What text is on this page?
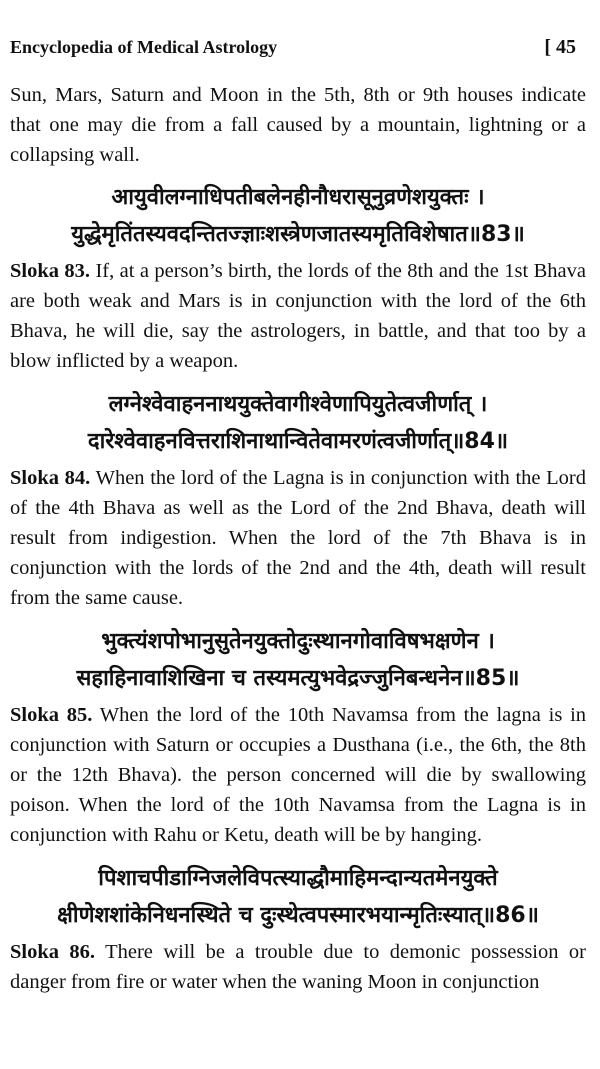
Encyclopedia of Medical Astrology	[ 45

Sun, Mars, Saturn and Moon in the 5th, 8th or 9th houses indicate that one may die from a fall caused by a mountain, lightning or a collapsing wall.

आयुवीलग्नाधिपतीबलेनहीनौधरासूनुव्रणेशयुक्तः ।

युद्धेमृतिंतस्यवदन्तितज्ज्ञाःशस्त्रेणजातस्यमृतिविशेषात॥83॥

Sloka 83. If, at a person’s birth, the lords of the 8th and the 1st Bhava are both weak and Mars is in conjunction with the lord of the 6th Bhava, he will die, say the astrologers, in battle, and that too by a blow inflicted by a weapon.

लग्नेश्वेवाहननाथयुक्तेवागीश्वेणापियुतेत्वजीर्णात् ।

दारेश्वेवाहनवित्तराशिनाथान्वितेवामरणंत्वजीर्णात्॥84॥

Sloka 84. When the lord of the Lagna is in conjunction with the Lord of the 4th Bhava as well as the Lord of the 2nd Bhava, death will result from indigestion. When the lord of the 7th Bhava is in conjunction with the lords of the 2nd and the 4th, death will result from the same cause.

भुक्त्यंशपोभानुसुतेनयुक्तोदुःस्थानगोवाविषभक्षणेन ।

सहाहिनावाशिखिना च तस्यमत्युभवेद्रज्जुनिबन्धनेन॥85॥

Sloka 85. When the lord of the 10th Navamsa from the lagna is in conjunction with Saturn or occupies a Dusthana (i.e., the 6th, the 8th or the 12th Bhava). the person concerned will die by swallowing poison. When the lord of the 10th Navamsa from the Lagna is in conjunction with Rahu or Ketu, death will be by hanging.

पिशाचपीडाग्निजलेविपत्स्याद्धौमाहिमन्दान्यतमेनयुक्ते

क्षीणेशशांकेनिधनस्थिते च दुःस्थेत्वपस्मारभयान्मृतिःस्यात्॥86॥

Sloka 86. There will be a trouble due to demonic possession or danger from fire or water when the waning Moon in conjunction
